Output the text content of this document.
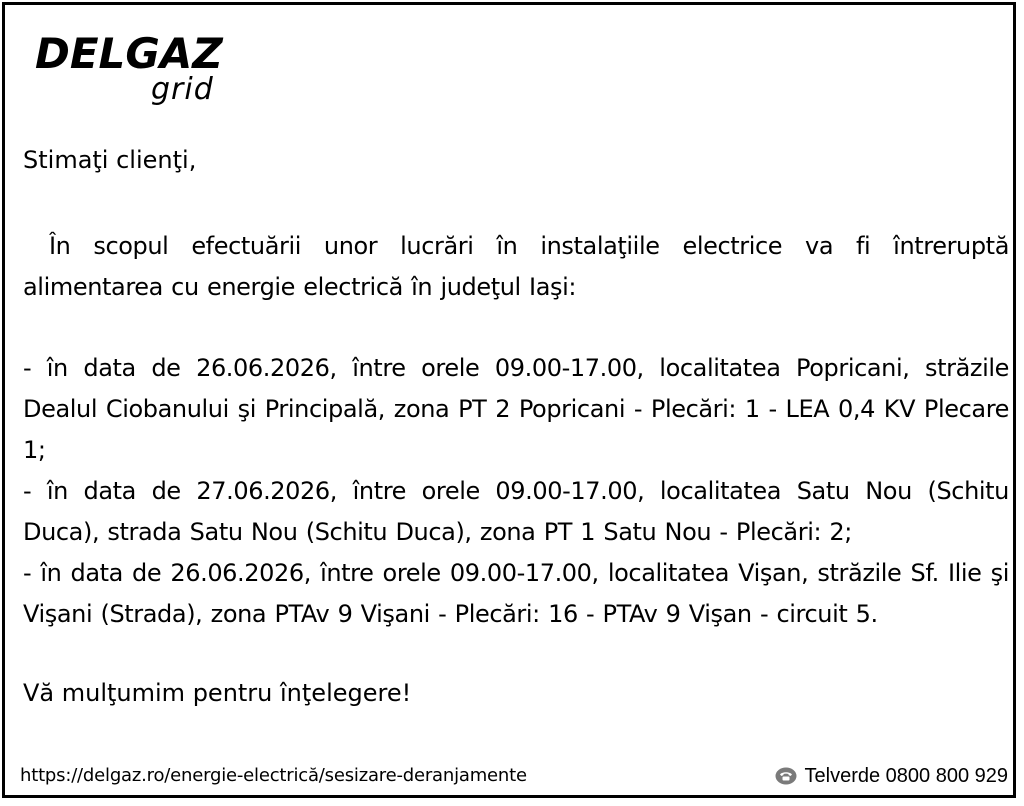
DELGAZ
grid

Stimaţi clienţi,

În scopul efectuării unor lucrări în instalaţiile electrice va fi întreruptă alimentarea cu energie electrică în judeţul Iaşi:

- în data de 26.06.2026, între orele 09.00-17.00, localitatea Popricani, străzile Dealul Ciobanului şi Principală, zona PT 2 Popricani - Plecări: 1 - LEA 0,4 KV Plecare 1;

- în data de 27.06.2026, între orele 09.00-17.00, localitatea Satu Nou (Schitu Duca), strada Satu Nou (Schitu Duca), zona PT 1 Satu Nou - Plecări: 2;

- în data de 26.06.2026, între orele 09.00-17.00, localitatea Vişan, străzile Sf. Ilie şi Vişani (Strada), zona PTAv 9 Vişani - Plecări: 16 - PTAv 9 Vişan - circuit 5.

Vă mulţumim pentru înţelegere!

https://delgaz.ro/energie-electrică/sesizare-deranjamente	Telverde 0800 800 929
